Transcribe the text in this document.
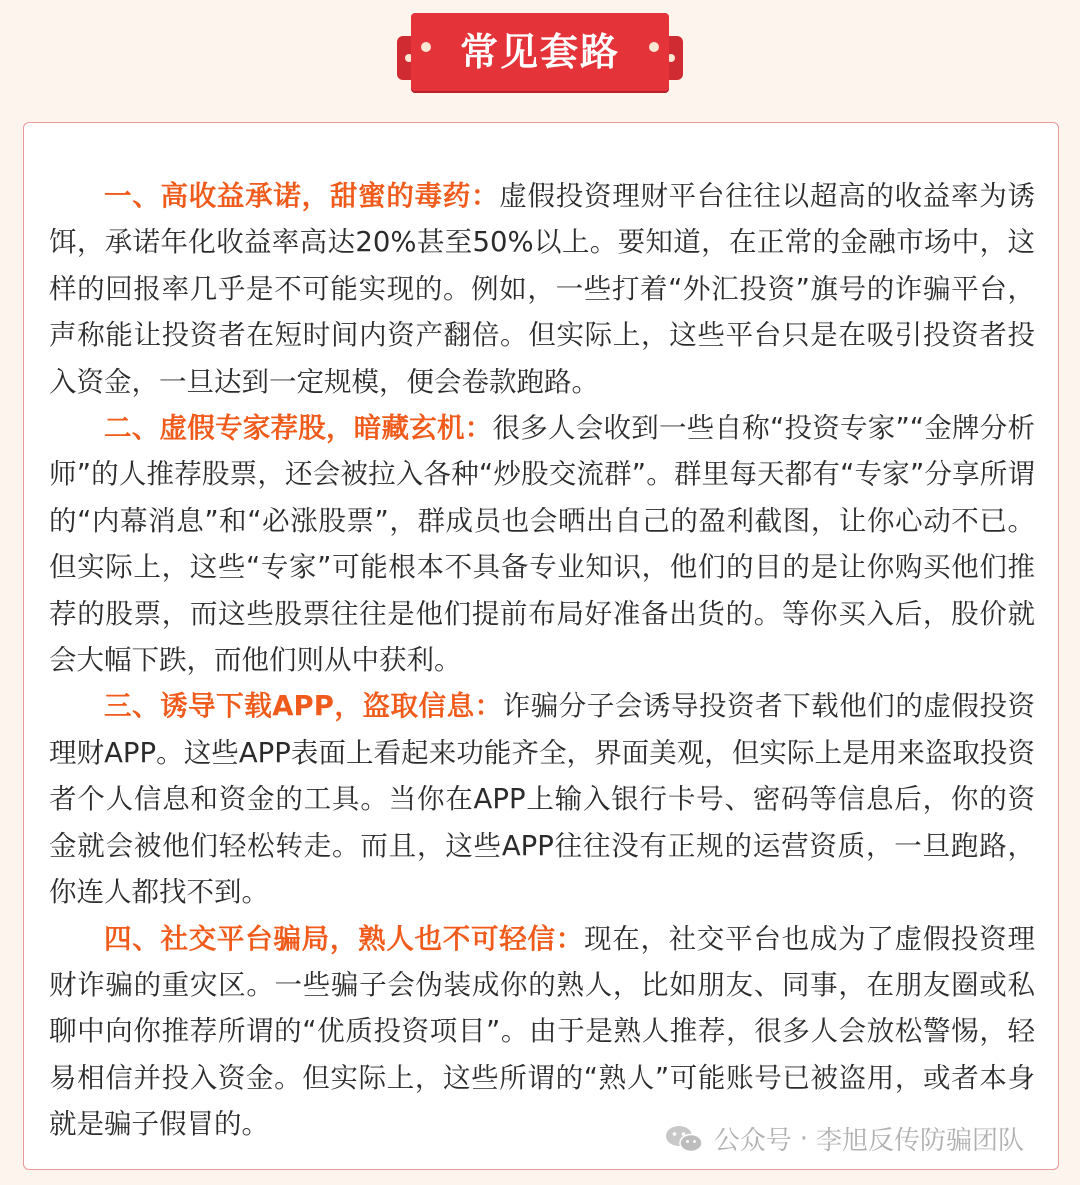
常见套路

一、高收益承诺，甜蜜的毒药：虚假投资理财平台往往以超高的收益率为诱饵，承诺年化收益率高达20%甚至50%以上。要知道，在正常的金融市场中，这样的回报率几乎是不可能实现的。例如，一些打着“外汇投资”旗号的诈骗平台，声称能让投资者在短时间内资产翻倍。但实际上，这些平台只是在吸引投资者投入资金，一旦达到一定规模，便会卷款跑路。

二、虚假专家荐股，暗藏玄机：很多人会收到一些自称“投资专家”“金牌分析师”的人推荐股票，还会被拉入各种“炒股交流群”。群里每天都有“专家”分享所谓的“内幕消息”和“必涨股票”，群成员也会晒出自己的盈利截图，让你心动不已。但实际上，这些“专家”可能根本不具备专业知识，他们的目的是让你购买他们推荐的股票，而这些股票往往是他们提前布局好准备出货的。等你买入后，股价就会大幅下跌，而他们则从中获利。

三、诱导下载APP，盗取信息：诈骗分子会诱导投资者下载他们的虚假投资理财APP。这些APP表面上看起来功能齐全，界面美观，但实际上是用来盗取投资者个人信息和资金的工具。当你在APP上输入银行卡号、密码等信息后，你的资金就会被他们轻松转走。而且，这些APP往往没有正规的运营资质，一旦跑路，你连人都找不到。

四、社交平台骗局，熟人也不可轻信：现在，社交平台也成为了虚假投资理财诈骗的重灾区。一些骗子会伪装成你的熟人，比如朋友、同事，在朋友圈或私聊中向你推荐所谓的“优质投资项目”。由于是熟人推荐，很多人会放松警惕，轻易相信并投入资金。但实际上，这些所谓的“熟人”可能账号已被盗用，或者本身就是骗子假冒的。

公众号 · 李旭反传防骗团队
